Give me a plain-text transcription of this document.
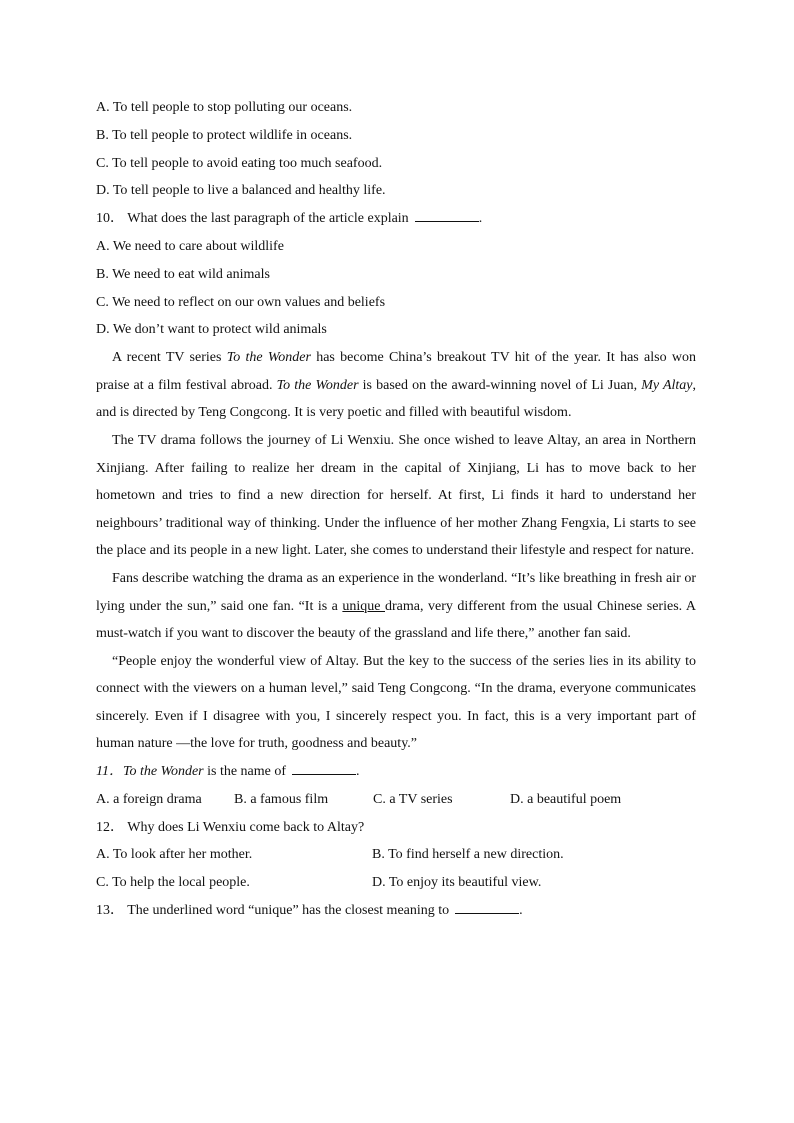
A. To tell people to stop polluting our oceans.
B. To tell people to protect wildlife in oceans.
C. To tell people to avoid eating too much seafood.
D. To tell people to live a balanced and healthy life.
10． What does the last paragraph of the article explain	.
A. We need to care about wildlife
B. We need to eat wild animals
C. We need to reflect on our own values and beliefs
D. We don’t want to protect wild animals
A recent TV series To the Wonder has become China’s breakout TV hit of the year. It has also won praise at a film festival abroad. To the Wonder is based on the award-winning novel of Li Juan, My Altay, and is directed by Teng Congcong. It is very poetic and filled with beautiful wisdom.
The TV drama follows the journey of Li Wenxiu. She once wished to leave Altay, an area in Northern Xinjiang. After failing to realize her dream in the capital of Xinjiang, Li has to move back to her hometown and tries to find a new direction for herself. At first, Li finds it hard to understand her neighbours’ traditional way of thinking. Under the influence of her mother Zhang Fengxia, Li starts to see the place and its people in a new light. Later, she comes to understand their lifestyle and respect for nature.
Fans describe watching the drama as an experience in the wonderland. “It’s like breathing in fresh air or lying under the sun,” said one fan. “It is a unique drama, very different from the usual Chinese series. A must-watch if you want to discover the beauty of the grassland and life there,” another fan said.
“People enjoy the wonderful view of Altay. But the key to the success of the series lies in its ability to connect with the viewers on a human level,” said Teng Congcong. “In the drama, everyone communicates sincerely. Even if I disagree with you, I sincerely respect you. In fact, this is a very important part of human nature —the love for truth, goodness and beauty.”
11．To the Wonder is the name of	.
A. a foreign drama B. a famous film	C. a TV series	D. a beautiful poem
12． Why does Li Wenxiu come back to Altay?
A. To look after her mother.	B. To find herself a new direction.
C. To help the local people.	D. To enjoy its beautiful view.
13． The underlined word “unique” has the closest meaning to	.
